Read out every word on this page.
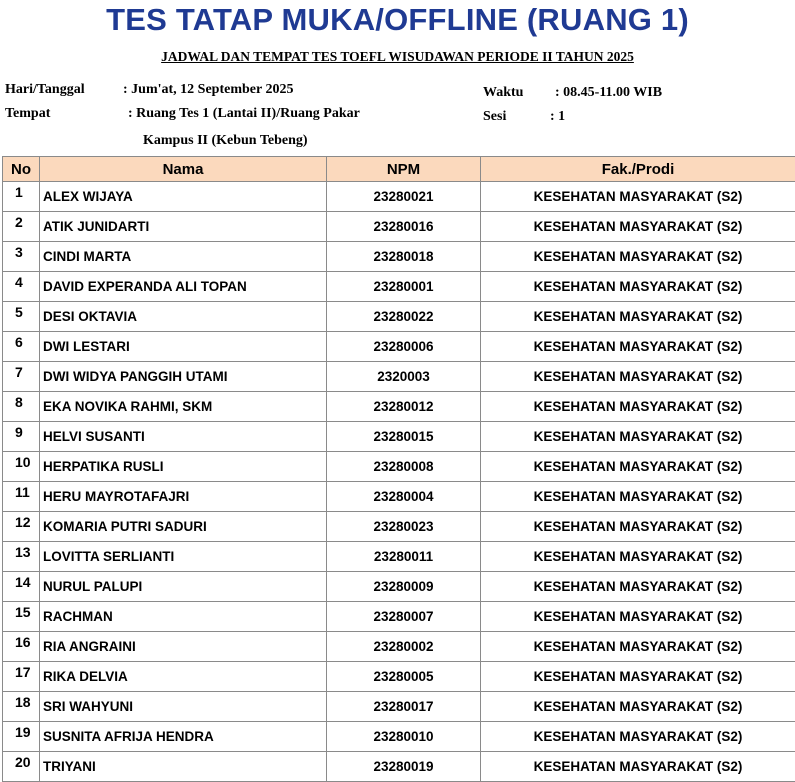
TES TATAP MUKA/OFFLINE (RUANG 1)
JADWAL DAN TEMPAT TES TOEFL WISUDAWAN PERIODE II TAHUN 2025
Hari/Tanggal	: Jum'at, 12 September 2025
Tempat	: Ruang Tes 1 (Lantai II)/Ruang Pakar
Kampus II (Kebun Tebeng)
Waktu : 08.45-11.00 WIB
Sesi	: 1
No	Nama	NPM	Fak./Prodi
1	ALEX WIJAYA	23280021	KESEHATAN MASYARAKAT (S2)
2	ATIK JUNIDARTI	23280016	KESEHATAN MASYARAKAT (S2)
3	CINDI MARTA	23280018	KESEHATAN MASYARAKAT (S2)
4	DAVID EXPERANDA ALI TOPAN	23280001	KESEHATAN MASYARAKAT (S2)
5	DESI OKTAVIA	23280022	KESEHATAN MASYARAKAT (S2)
6	DWI LESTARI	23280006	KESEHATAN MASYARAKAT (S2)
7	DWI WIDYA PANGGIH UTAMI	2320003	KESEHATAN MASYARAKAT (S2)
8	EKA NOVIKA RAHMI, SKM	23280012	KESEHATAN MASYARAKAT (S2)
9	HELVI SUSANTI	23280015	KESEHATAN MASYARAKAT (S2)
10	HERPATIKA RUSLI	23280008	KESEHATAN MASYARAKAT (S2)
11	HERU MAYROTAFAJRI	23280004	KESEHATAN MASYARAKAT (S2)
12	KOMARIA PUTRI SADURI	23280023	KESEHATAN MASYARAKAT (S2)
13	LOVITTA SERLIANTI	23280011	KESEHATAN MASYARAKAT (S2)
14	NURUL PALUPI	23280009	KESEHATAN MASYARAKAT (S2)
15	RACHMAN	23280007	KESEHATAN MASYARAKAT (S2)
16	RIA ANGRAINI	23280002	KESEHATAN MASYARAKAT (S2)
17	RIKA DELVIA	23280005	KESEHATAN MASYARAKAT (S2)
18	SRI WAHYUNI	23280017	KESEHATAN MASYARAKAT (S2)
19	SUSNITA AFRIJA HENDRA	23280010	KESEHATAN MASYARAKAT (S2)
20	TRIYANI	23280019	KESEHATAN MASYARAKAT (S2)
